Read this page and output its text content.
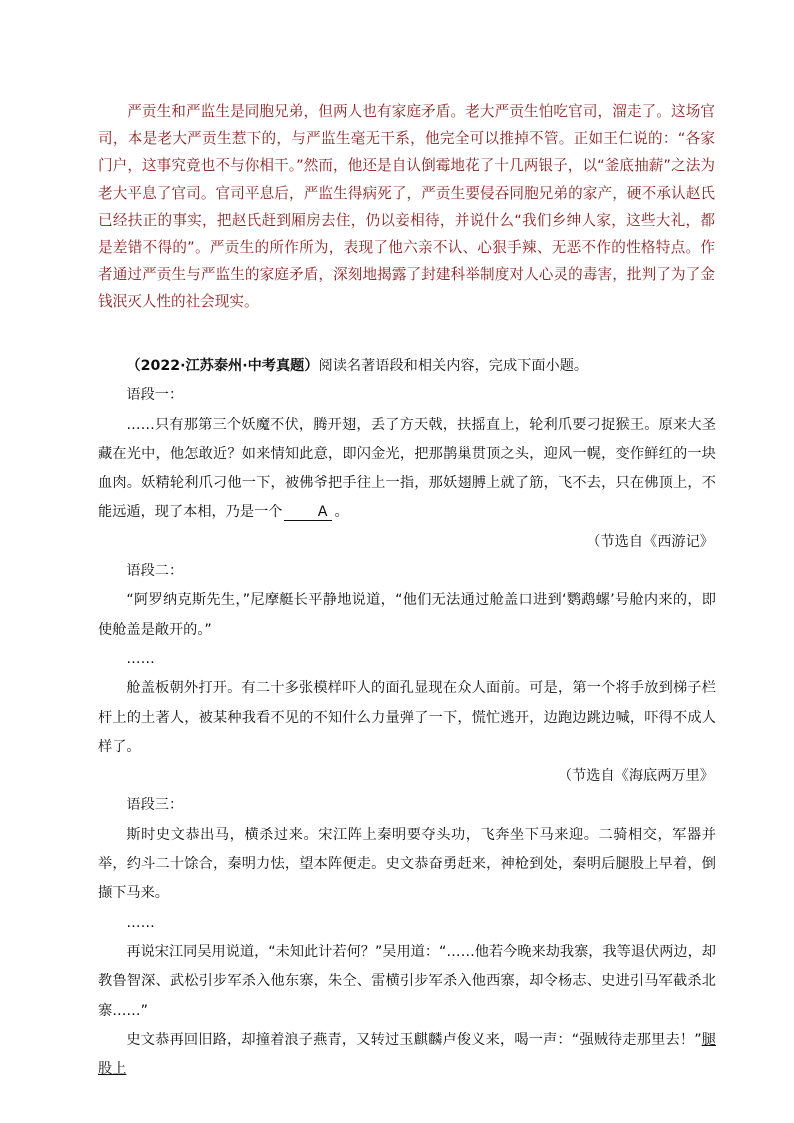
严贡生和严监生是同胞兄弟，但两人也有家庭矛盾。老大严贡生怕吃官司，溜走了。这场官司，本是老大严贡生惹下的，与严监生毫无干系，他完全可以推掉不管。正如王仁说的：“各家门户，这事究竟也不与你相干。”然而，他还是自认倒霉地花了十几两银子，以“釜底抽薪”之法为老大平息了官司。官司平息后，严监生得病死了，严贡生要侵吞同胞兄弟的家产，硬不承认赵氏已经扶正的事实，把赵氏赶到厢房去住，仍以妾相待，并说什么“我们乡绅人家，这些大礼，都是差错不得的”。严贡生的所作所为，表现了他六亲不认、心狠手辣、无恶不作的性格特点。作者通过严贡生与严监生的家庭矛盾，深刻地揭露了封建科举制度对人心灵的毒害，批判了为了金钱泯灭人性的社会现实。

（2022·江苏泰州·中考真题）阅读名著语段和相关内容，完成下面小题。

语段一：

……只有那第三个妖魔不伏，腾开翅，丢了方天戟，扶摇直上，轮利爪要刁捉猴王。原来大圣藏在光中，他怎敢近？如来情知此意，即闪金光，把那鹊巢贯顶之头，迎风一幌，变作鲜红的一块血肉。妖精轮利爪刁他一下，被佛爷把手往上一指，那妖翅膊上就了筋，飞不去，只在佛顶上，不能远遁，现了本相，乃是一个 A 。

（节选自《西游记》

语段二：

“阿罗纳克斯先生，”尼摩艇长平静地说道，“他们无法通过舱盖口进到‘鹦鹉螺’号舱内来的，即使舱盖是敞开的。”

……

舱盖板朝外打开。有二十多张模样吓人的面孔显现在众人面前。可是，第一个将手放到梯子栏杆上的土著人，被某种我看不见的不知什么力量弹了一下，慌忙逃开，边跑边跳边喊，吓得不成人样了。

（节选自《海底两万里》

语段三：

斯时史文恭出马，横杀过来。宋江阵上秦明要夺头功，飞奔坐下马来迎。二骑相交，军器并举，约斗二十馀合，秦明力怯，望本阵便走。史文恭奋勇赶来，神枪到处，秦明后腿股上早着，倒撷下马来。

……

再说宋江同吴用说道，“未知此计若何？”吴用道：“……他若今晚来劫我寨，我等退伏两边，却教鲁智深、武松引步军杀入他东寨，朱仝、雷横引步军杀入他西寨，却令杨志、史进引马军截杀北寨……”

史文恭再回旧路，却撞着浪子燕青，又转过玉麒麟卢俊义来，喝一声：“强贼待走那里去！”腿股上
